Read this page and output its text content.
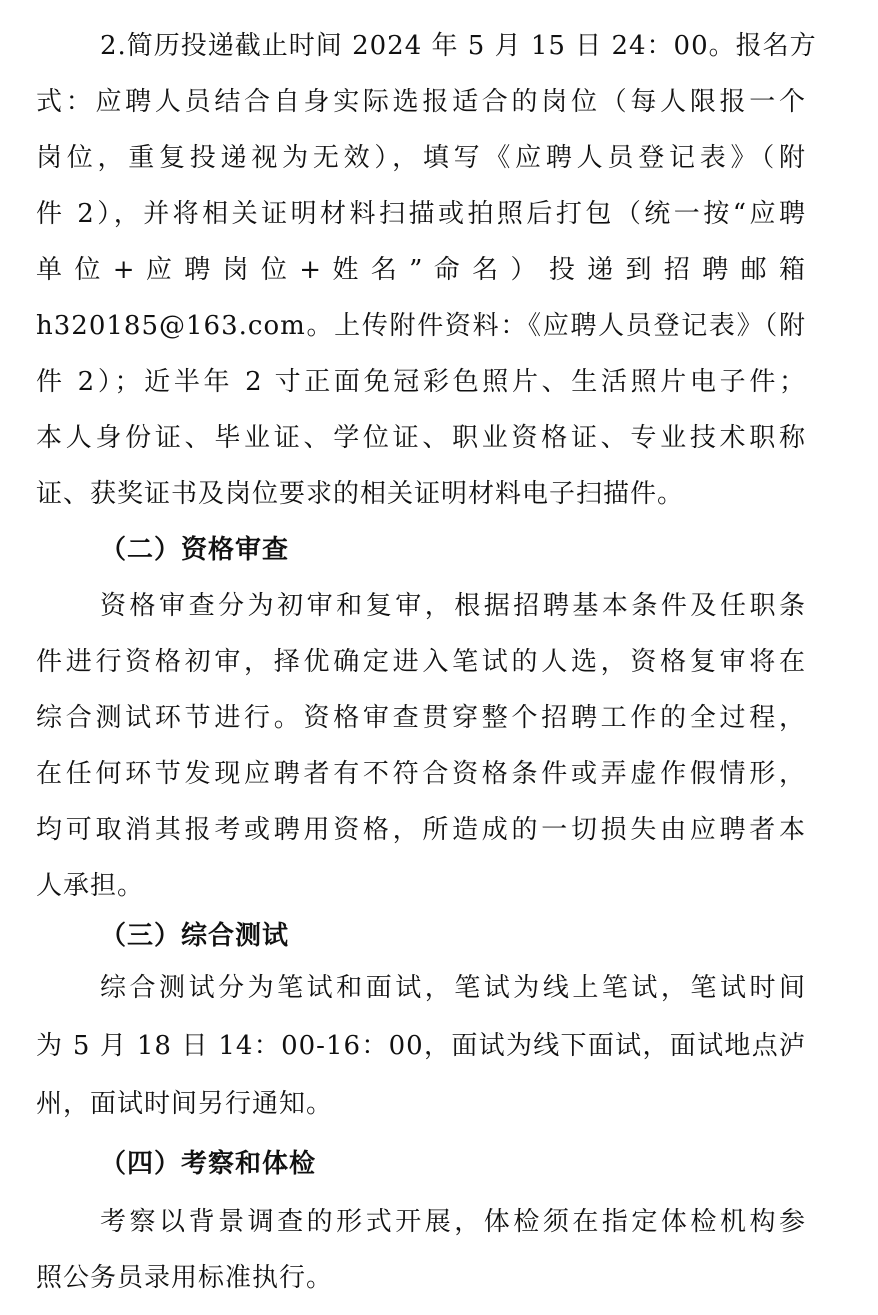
2.简历投递截止时间 2024 年 5 月 15 日 24：00。报名方
式：应聘人员结合自身实际选报适合的岗位（每人限报一个
岗位，重复投递视为无效），填写《应聘人员登记表》（附
件 2），并将相关证明材料扫描或拍照后打包（统一按“应聘
单 位 + 应 聘 岗 位 + 姓 名 ” 命 名 ） 投 递 到 招 聘 邮 箱
h320185@163.com。上传附件资料：《应聘人员登记表》（附
件 2）；近半年 2 寸正面免冠彩色照片、生活照片电子件；
本人身份证、毕业证、学位证、职业资格证、专业技术职称
证、获奖证书及岗位要求的相关证明材料电子扫描件。
（二）资格审查
资格审查分为初审和复审，根据招聘基本条件及任职条
件进行资格初审，择优确定进入笔试的人选，资格复审将在
综合测试环节进行。资格审查贯穿整个招聘工作的全过程，
在任何环节发现应聘者有不符合资格条件或弄虚作假情形，
均可取消其报考或聘用资格，所造成的一切损失由应聘者本
人承担。
（三）综合测试
综合测试分为笔试和面试，笔试为线上笔试，笔试时间
为 5 月 18 日 14：00-16：00，面试为线下面试，面试地点泸
州，面试时间另行通知。
（四）考察和体检
考察以背景调查的形式开展，体检须在指定体检机构参
照公务员录用标准执行。
